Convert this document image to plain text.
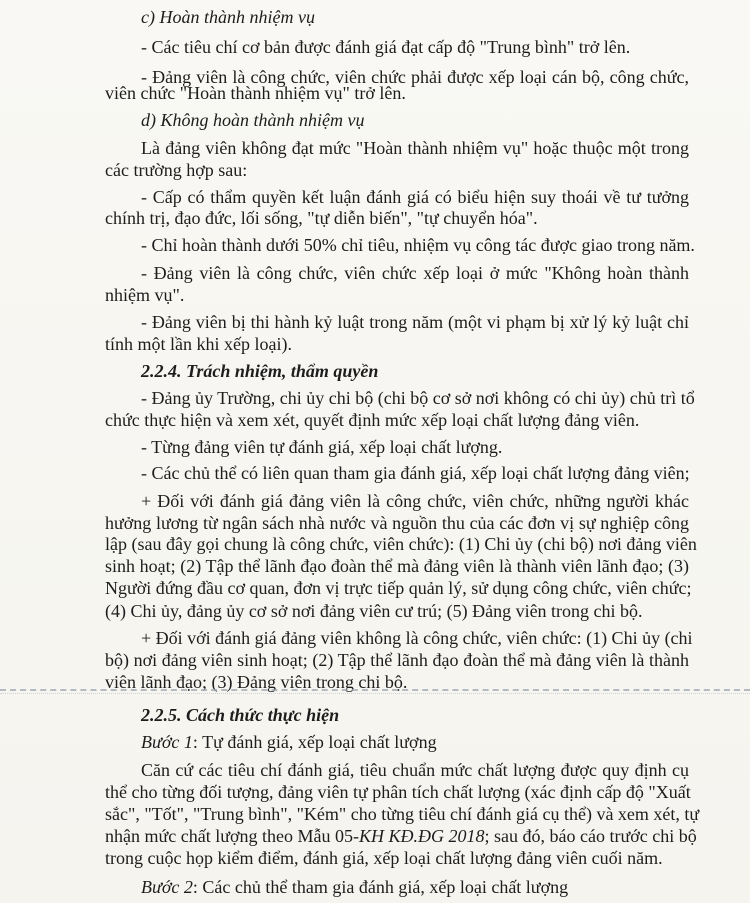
c) Hoàn thành nhiệm vụ
- Các tiêu chí cơ bản được đánh giá đạt cấp độ "Trung bình" trở lên.
- Đảng viên là công chức, viên chức phải được xếp loại cán bộ, công chức,
viên chức "Hoàn thành nhiệm vụ" trở lên.
d) Không hoàn thành nhiệm vụ
Là đảng viên không đạt mức "Hoàn thành nhiệm vụ" hoặc thuộc một trong
các trường hợp sau:
- Cấp có thẩm quyền kết luận đánh giá có biểu hiện suy thoái về tư tưởng
chính trị, đạo đức, lối sống, "tự diễn biến", "tự chuyển hóa".
- Chỉ hoàn thành dưới 50% chỉ tiêu, nhiệm vụ công tác được giao trong năm.
- Đảng viên là công chức, viên chức xếp loại ở mức "Không hoàn thành
nhiệm vụ".
- Đảng viên bị thi hành kỷ luật trong năm (một vi phạm bị xử lý kỷ luật chỉ
tính một lần khi xếp loại).
2.2.4. Trách nhiệm, thẩm quyền
- Đảng ủy Trường, chi ủy chi bộ (chi bộ cơ sở nơi không có chi ủy) chủ trì tổ
chức thực hiện và xem xét, quyết định mức xếp loại chất lượng đảng viên.
- Từng đảng viên tự đánh giá, xếp loại chất lượng.
- Các chủ thể có liên quan tham gia đánh giá, xếp loại chất lượng đảng viên;
+ Đối với đánh giá đảng viên là công chức, viên chức, những người khác
hưởng lương từ ngân sách nhà nước và nguồn thu của các đơn vị sự nghiệp công
lập (sau đây gọi chung là công chức, viên chức): (1) Chi ủy (chi bộ) nơi đảng viên
sinh hoạt; (2) Tập thể lãnh đạo đoàn thể mà đảng viên là thành viên lãnh đạo; (3)
Người đứng đầu cơ quan, đơn vị trực tiếp quản lý, sử dụng công chức, viên chức;
(4) Chi ủy, đảng ủy cơ sở nơi đảng viên cư trú; (5) Đảng viên trong chi bộ.
+ Đối với đánh giá đảng viên không là công chức, viên chức: (1) Chi ủy (chi
bộ) nơi đảng viên sinh hoạt; (2) Tập thể lãnh đạo đoàn thể mà đảng viên là thành
viên lãnh đạo; (3) Đảng viên trong chi bộ.
2.2.5. Cách thức thực hiện
Bước 1: Tự đánh giá, xếp loại chất lượng
Căn cứ các tiêu chí đánh giá, tiêu chuẩn mức chất lượng được quy định cụ
thể cho từng đối tượng, đảng viên tự phân tích chất lượng (xác định cấp độ "Xuất
sắc", "Tốt", "Trung bình", "Kém" cho từng tiêu chí đánh giá cụ thể) và xem xét, tự
nhận mức chất lượng theo Mẫu 05-KH KĐ.ĐG 2018; sau đó, báo cáo trước chi bộ
trong cuộc họp kiểm điểm, đánh giá, xếp loại chất lượng đảng viên cuối năm.
Bước 2: Các chủ thể tham gia đánh giá, xếp loại chất lượng
